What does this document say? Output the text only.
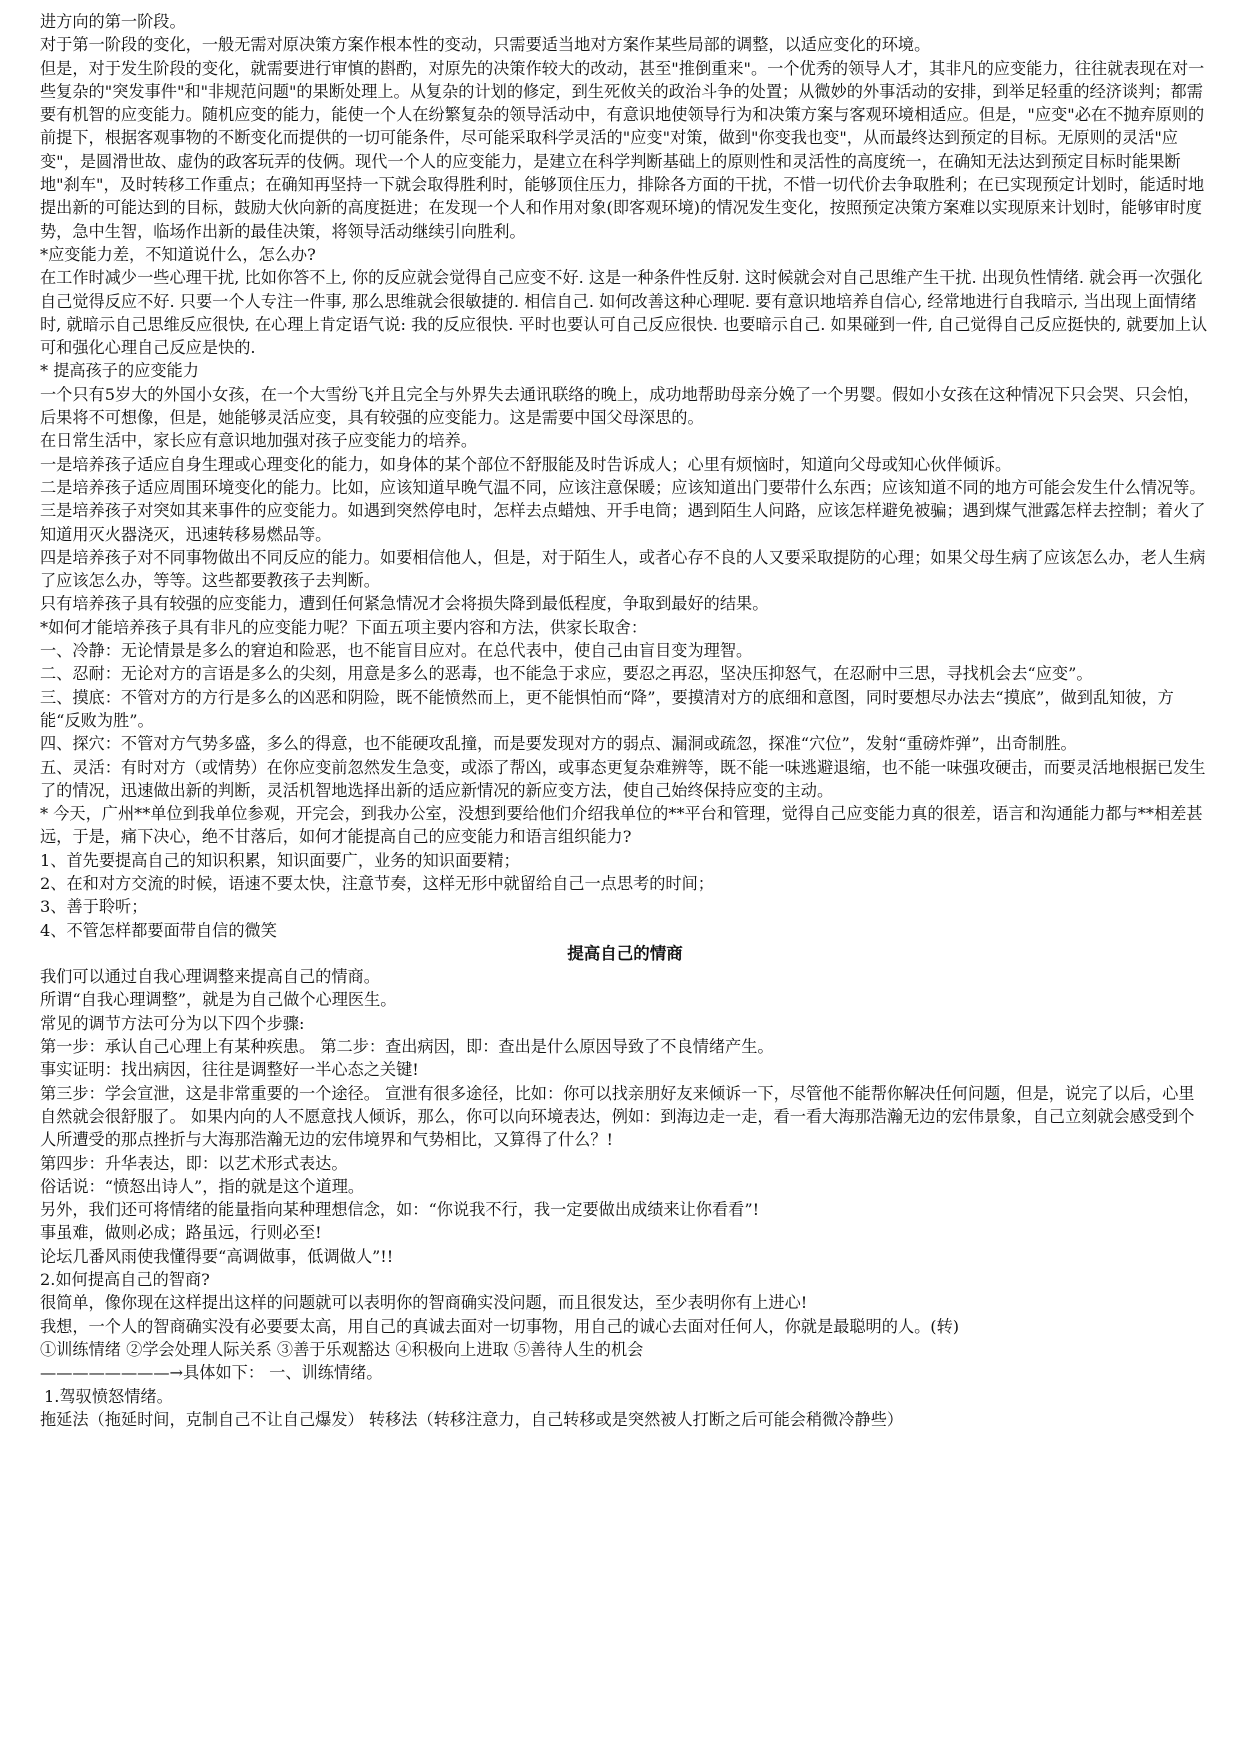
进方向的第一阶段。

对于第一阶段的变化，一般无需对原决策方案作根本性的变动，只需要适当地对方案作某些局部的调整，以适应变化的环境。

但是，对于发生阶段的变化，就需要进行审慎的斟酌，对原先的决策作较大的改动，甚至"推倒重来"。一个优秀的领导人才，其非凡的应变能力，往往就表现在对一些复杂的"突发事件"和"非规范问题"的果断处理上。从复杂的计划的修定，到生死攸关的政治斗争的处置；从微妙的外事活动的安排，到举足轻重的经济谈判；都需要有机智的应变能力。随机应变的能力，能使一个人在纷繁复杂的领导活动中，有意识地使领导行为和决策方案与客观环境相适应。但是，"应变"必在不抛弃原则的前提下，根据客观事物的不断变化而提供的一切可能条件，尽可能采取科学灵活的"应变"对策，做到"你变我也变"，从而最终达到预定的目标。无原则的灵活"应变"，是圆滑世故、虚伪的政客玩弄的伎俩。现代一个人的应变能力，是建立在科学判断基础上的原则性和灵活性的高度统一，在确知无法达到预定目标时能果断地"刹车"，及时转移工作重点；在确知再坚持一下就会取得胜利时，能够顶住压力，排除各方面的干扰，不惜一切代价去争取胜利；在已实现预定计划时，能适时地提出新的可能达到的目标，鼓励大伙向新的高度挺进；在发现一个人和作用对象(即客观环境)的情况发生变化，按照预定决策方案难以实现原来计划时，能够审时度势，急中生智，临场作出新的最佳决策，将领导活动继续引向胜利。

*应变能力差，不知道说什么，怎么办?

在工作时减少一些心理干扰, 比如你答不上, 你的反应就会觉得自己应变不好. 这是一种条件性反射. 这时候就会对自己思维产生干扰. 出现负性情绪. 就会再一次强化自己觉得反应不好. 只要一个人专注一件事, 那么思维就会很敏捷的. 相信自己. 如何改善这种心理呢. 要有意识地培养自信心, 经常地进行自我暗示, 当出现上面情绪时, 就暗示自己思维反应很快, 在心理上肯定语气说: 我的反应很快. 平时也要认可自己反应很快. 也要暗示自己. 如果碰到一件, 自己觉得自己反应挺快的, 就要加上认可和强化心理自己反应是快的.

* 提高孩子的应变能力

一个只有5岁大的外国小女孩，在一个大雪纷飞并且完全与外界失去通讯联络的晚上，成功地帮助母亲分娩了一个男婴。假如小女孩在这种情况下只会哭、只会怕，后果将不可想像，但是，她能够灵活应变，具有较强的应变能力。这是需要中国父母深思的。

在日常生活中，家长应有意识地加强对孩子应变能力的培养。

一是培养孩子适应自身生理或心理变化的能力，如身体的某个部位不舒服能及时告诉成人；心里有烦恼时，知道向父母或知心伙伴倾诉。

二是培养孩子适应周围环境变化的能力。比如，应该知道早晚气温不同，应该注意保暖；应该知道出门要带什么东西；应该知道不同的地方可能会发生什么情况等。

三是培养孩子对突如其来事件的应变能力。如遇到突然停电时，怎样去点蜡烛、开手电筒；遇到陌生人问路，应该怎样避免被骗；遇到煤气泄露怎样去控制；着火了知道用灭火器浇灭，迅速转移易燃品等。

四是培养孩子对不同事物做出不同反应的能力。如要相信他人，但是，对于陌生人，或者心存不良的人又要采取提防的心理；如果父母生病了应该怎么办，老人生病了应该怎么办，等等。这些都要教孩子去判断。

只有培养孩子具有较强的应变能力，遭到任何紧急情况才会将损失降到最低程度，争取到最好的结果。

*如何才能培养孩子具有非凡的应变能力呢？下面五项主要内容和方法，供家长取舍：

一、冷静：无论情景是多么的窘迫和险恶，也不能盲目应对。在总代表中，使自己由盲目变为理智。

二、忍耐：无论对方的言语是多么的尖刻，用意是多么的恶毒，也不能急于求应，要忍之再忍，坚决压抑怒气，在忍耐中三思，寻找机会去“应变”。

三、摸底：不管对方的方行是多么的凶恶和阴险，既不能愤然而上，更不能惧怕而“降”，要摸清对方的底细和意图，同时要想尽办法去“摸底”，做到乱知彼，方能“反败为胜”。

四、探穴：不管对方气势多盛，多么的得意，也不能硬攻乱撞，而是要发现对方的弱点、漏洞或疏忽，探准“穴位”，发射“重磅炸弹”，出奇制胜。

五、灵活：有时对方（或情势）在你应变前忽然发生急变，或添了帮凶，或事态更复杂难辨等，既不能一味逃避退缩，也不能一味强攻硬击，而要灵活地根据已发生了的情况，迅速做出新的判断，灵活机智地选择出新的适应新情况的新应变方法，使自己始终保持应变的主动。

* 今天，广州**单位到我单位参观，开完会，到我办公室，没想到要给他们介绍我单位的**平台和管理，觉得自己应变能力真的很差，语言和沟通能力都与**相差甚远，于是，痛下决心，绝不甘落后，如何才能提高自己的应变能力和语言组织能力?

1、首先要提高自己的知识积累，知识面要广，业务的知识面要精；

2、在和对方交流的时候，语速不要太快，注意节奏，这样无形中就留给自己一点思考的时间；

3、善于聆听；

4、不管怎样都要面带自信的微笑

提高自己的情商

我们可以通过自我心理调整来提高自己的情商。

所谓“自我心理调整”，就是为自己做个心理医生。

常见的调节方法可分为以下四个步骤:

第一步：承认自己心理上有某种疾患。 第二步：查出病因，即：查出是什么原因导致了不良情绪产生。

事实证明：找出病因，往往是调整好一半心态之关键!

第三步：学会宣泄，这是非常重要的一个途径。 宣泄有很多途径，比如：你可以找亲朋好友来倾诉一下，尽管他不能帮你解决任何问题，但是，说完了以后，心里自然就会很舒服了。 如果内向的人不愿意找人倾诉，那么，你可以向环境表达，例如：到海边走一走，看一看大海那浩瀚无边的宏伟景象，自己立刻就会感受到个人所遭受的那点挫折与大海那浩瀚无边的宏伟境界和气势相比，又算得了什么？!

第四步：升华表达，即：以艺术形式表达。

俗话说：“愤怒出诗人”，指的就是这个道理。

另外，我们还可将情绪的能量指向某种理想信念，如：“你说我不行，我一定要做出成绩来让你看看”!

事虽难，做则必成；路虽远，行则必至!

论坛几番风雨使我懂得要“高调做事，低调做人”!!

2.如何提高自己的智商?

很简单，像你现在这样提出这样的问题就可以表明你的智商确实没问题，而且很发达，至少表明你有上进心!

我想，一个人的智商确实没有必要要太高，用自己的真诚去面对一切事物，用自己的诚心去面对任何人，你就是最聪明的人。(转)

①训练情绪 ②学会处理人际关系 ③善于乐观豁达 ④积极向上进取 ⑤善待人生的机会

————————→具体如下： 一、训练情绪。

1.驾驭愤怒情绪。

拖延法（拖延时间，克制自己不让自己爆发） 转移法（转移注意力，自己转移或是突然被人打断之后可能会稍微冷静些）
